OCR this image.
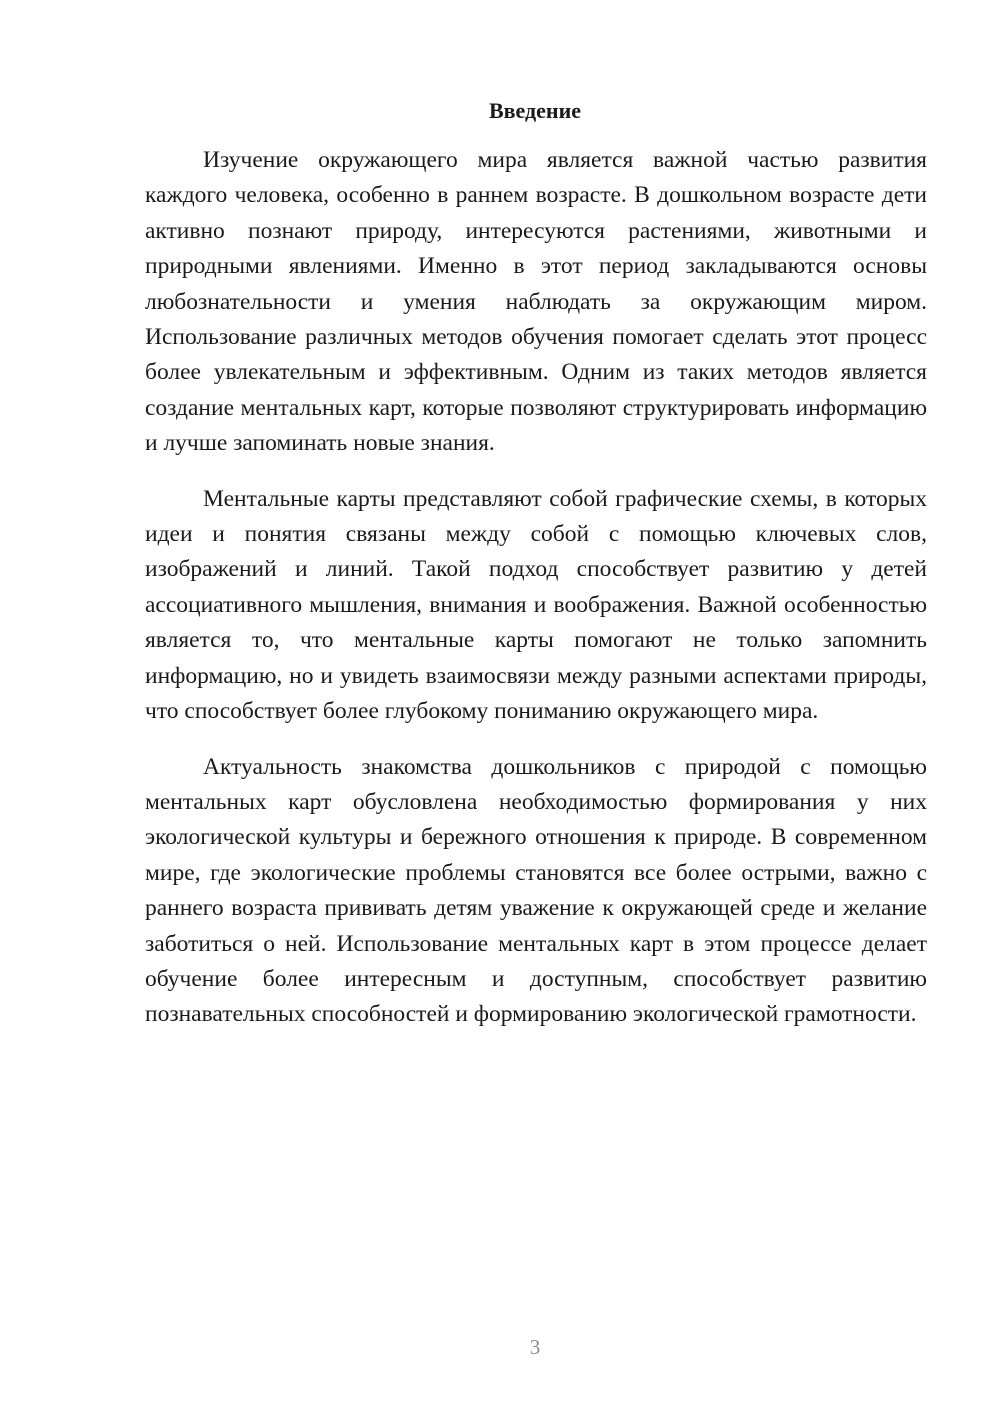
Введение

Изучение окружающего мира является важной частью развития каждого человека, особенно в раннем возрасте. В дошкольном возрасте дети активно познают природу, интересуются растениями, животными и природными явлениями. Именно в этот период закладываются основы любознательности и умения наблюдать за окружающим миром. Использование различных методов обучения помогает сделать этот процесс более увлекательным и эффективным. Одним из таких методов является создание ментальных карт, которые позволяют структурировать информацию и лучше запоминать новые знания.

Ментальные карты представляют собой графические схемы, в которых идеи и понятия связаны между собой с помощью ключевых слов, изображений и линий. Такой подход способствует развитию у детей ассоциативного мышления, внимания и воображения. Важной особенностью является то, что ментальные карты помогают не только запомнить информацию, но и увидеть взаимосвязи между разными аспектами природы, что способствует более глубокому пониманию окружающего мира.

Актуальность знакомства дошкольников с природой с помощью ментальных карт обусловлена необходимостью формирования у них экологической культуры и бережного отношения к природе. В современном мире, где экологические проблемы становятся все более острыми, важно с раннего возраста прививать детям уважение к окружающей среде и желание заботиться о ней. Использование ментальных карт в этом процессе делает обучение более интересным и доступным, способствует развитию познавательных способностей и формированию экологической грамотности.

3
